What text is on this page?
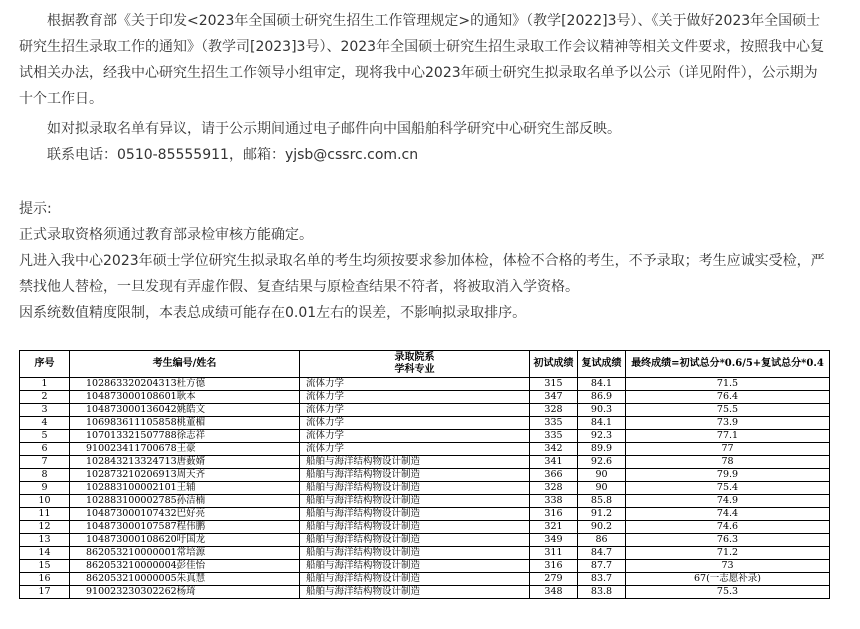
根据教育部《关于印发<2023年全国硕士研究生招生工作管理规定>的通知》（教学[2022]3号）、《关于做好2023年全国硕士研究生招生录取工作的通知》（教学司[2023]3号）、2023年全国硕士研究生招生录取工作会议精神等相关文件要求，按照我中心复试相关办法，经我中心研究生招生工作领导小组审定，现将我中心2023年硕士研究生拟录取名单予以公示（详见附件），公示期为十个工作日。

如对拟录取名单有异议，请于公示期间通过电子邮件向中国船舶科学研究中心研究生部反映。

联系电话：0510-85555911，邮箱：yjsb@cssrc.com.cn

提示:

正式录取资格须通过教育部录检审核方能确定。

凡进入我中心2023年硕士学位研究生拟录取名单的考生均须按要求参加体检，体检不合格的考生，不予录取；考生应诚实受检，严禁找他人替检，一旦发现有弄虚作假、复查结果与原检查结果不符者，将被取消入学资格。

因系统数值精度限制，本表总成绩可能存在0.01左右的误差，不影响拟录取排序。

序号	考生编号/姓名	录取院系
学科专业	初试成绩	复试成绩	最终成绩=初试总分*0.6/5+复试总分*0.4
1	102863320204313杜方德	流体力学	315	84.1	71.5
2	104873000108601耿本	流体力学	347	86.9	76.4
3	104873000136042姚皓文	流体力学	328	90.3	75.5
4	106983611105858桃董楣	流体力学	335	84.1	73.9
5	107013321507788徐志祥	流体力学	335	92.3	77.1
6	910023411700678王豪	流体力学	342	89.9	77
7	102843213324713唐薮婿	船舶与海洋结构物设计制造	341	92.6	78
8	102873210206913周天齐	船舶与海洋结构物设计制造	366	90	79.9
9	102883100002101王辅	船舶与海洋结构物设计制造	328	90	75.4
10	102883100002785孙洁楠	船舶与海洋结构物设计制造	338	85.8	74.9
11	104873000107432巴好亮	船舶与海洋结构物设计制造	316	91.2	74.4
12	104873000107587程伟鹏	船舶与海洋结构物设计制造	321	90.2	74.6
13	104873000108620吁国龙	船舶与海洋结构物设计制造	349	86	76.3
14	862053210000001常培源	船舶与海洋结构物设计制造	311	84.7	71.2
15	862053210000004彭佳怡	船舶与海洋结构物设计制造	316	87.7	73
16	862053210000005朱真慧	船舶与海洋结构物设计制造	279	83.7	67(一志愿补录)
17	910023230302262杨琦	船舶与海洋结构物设计制造	348	83.8	75.3
